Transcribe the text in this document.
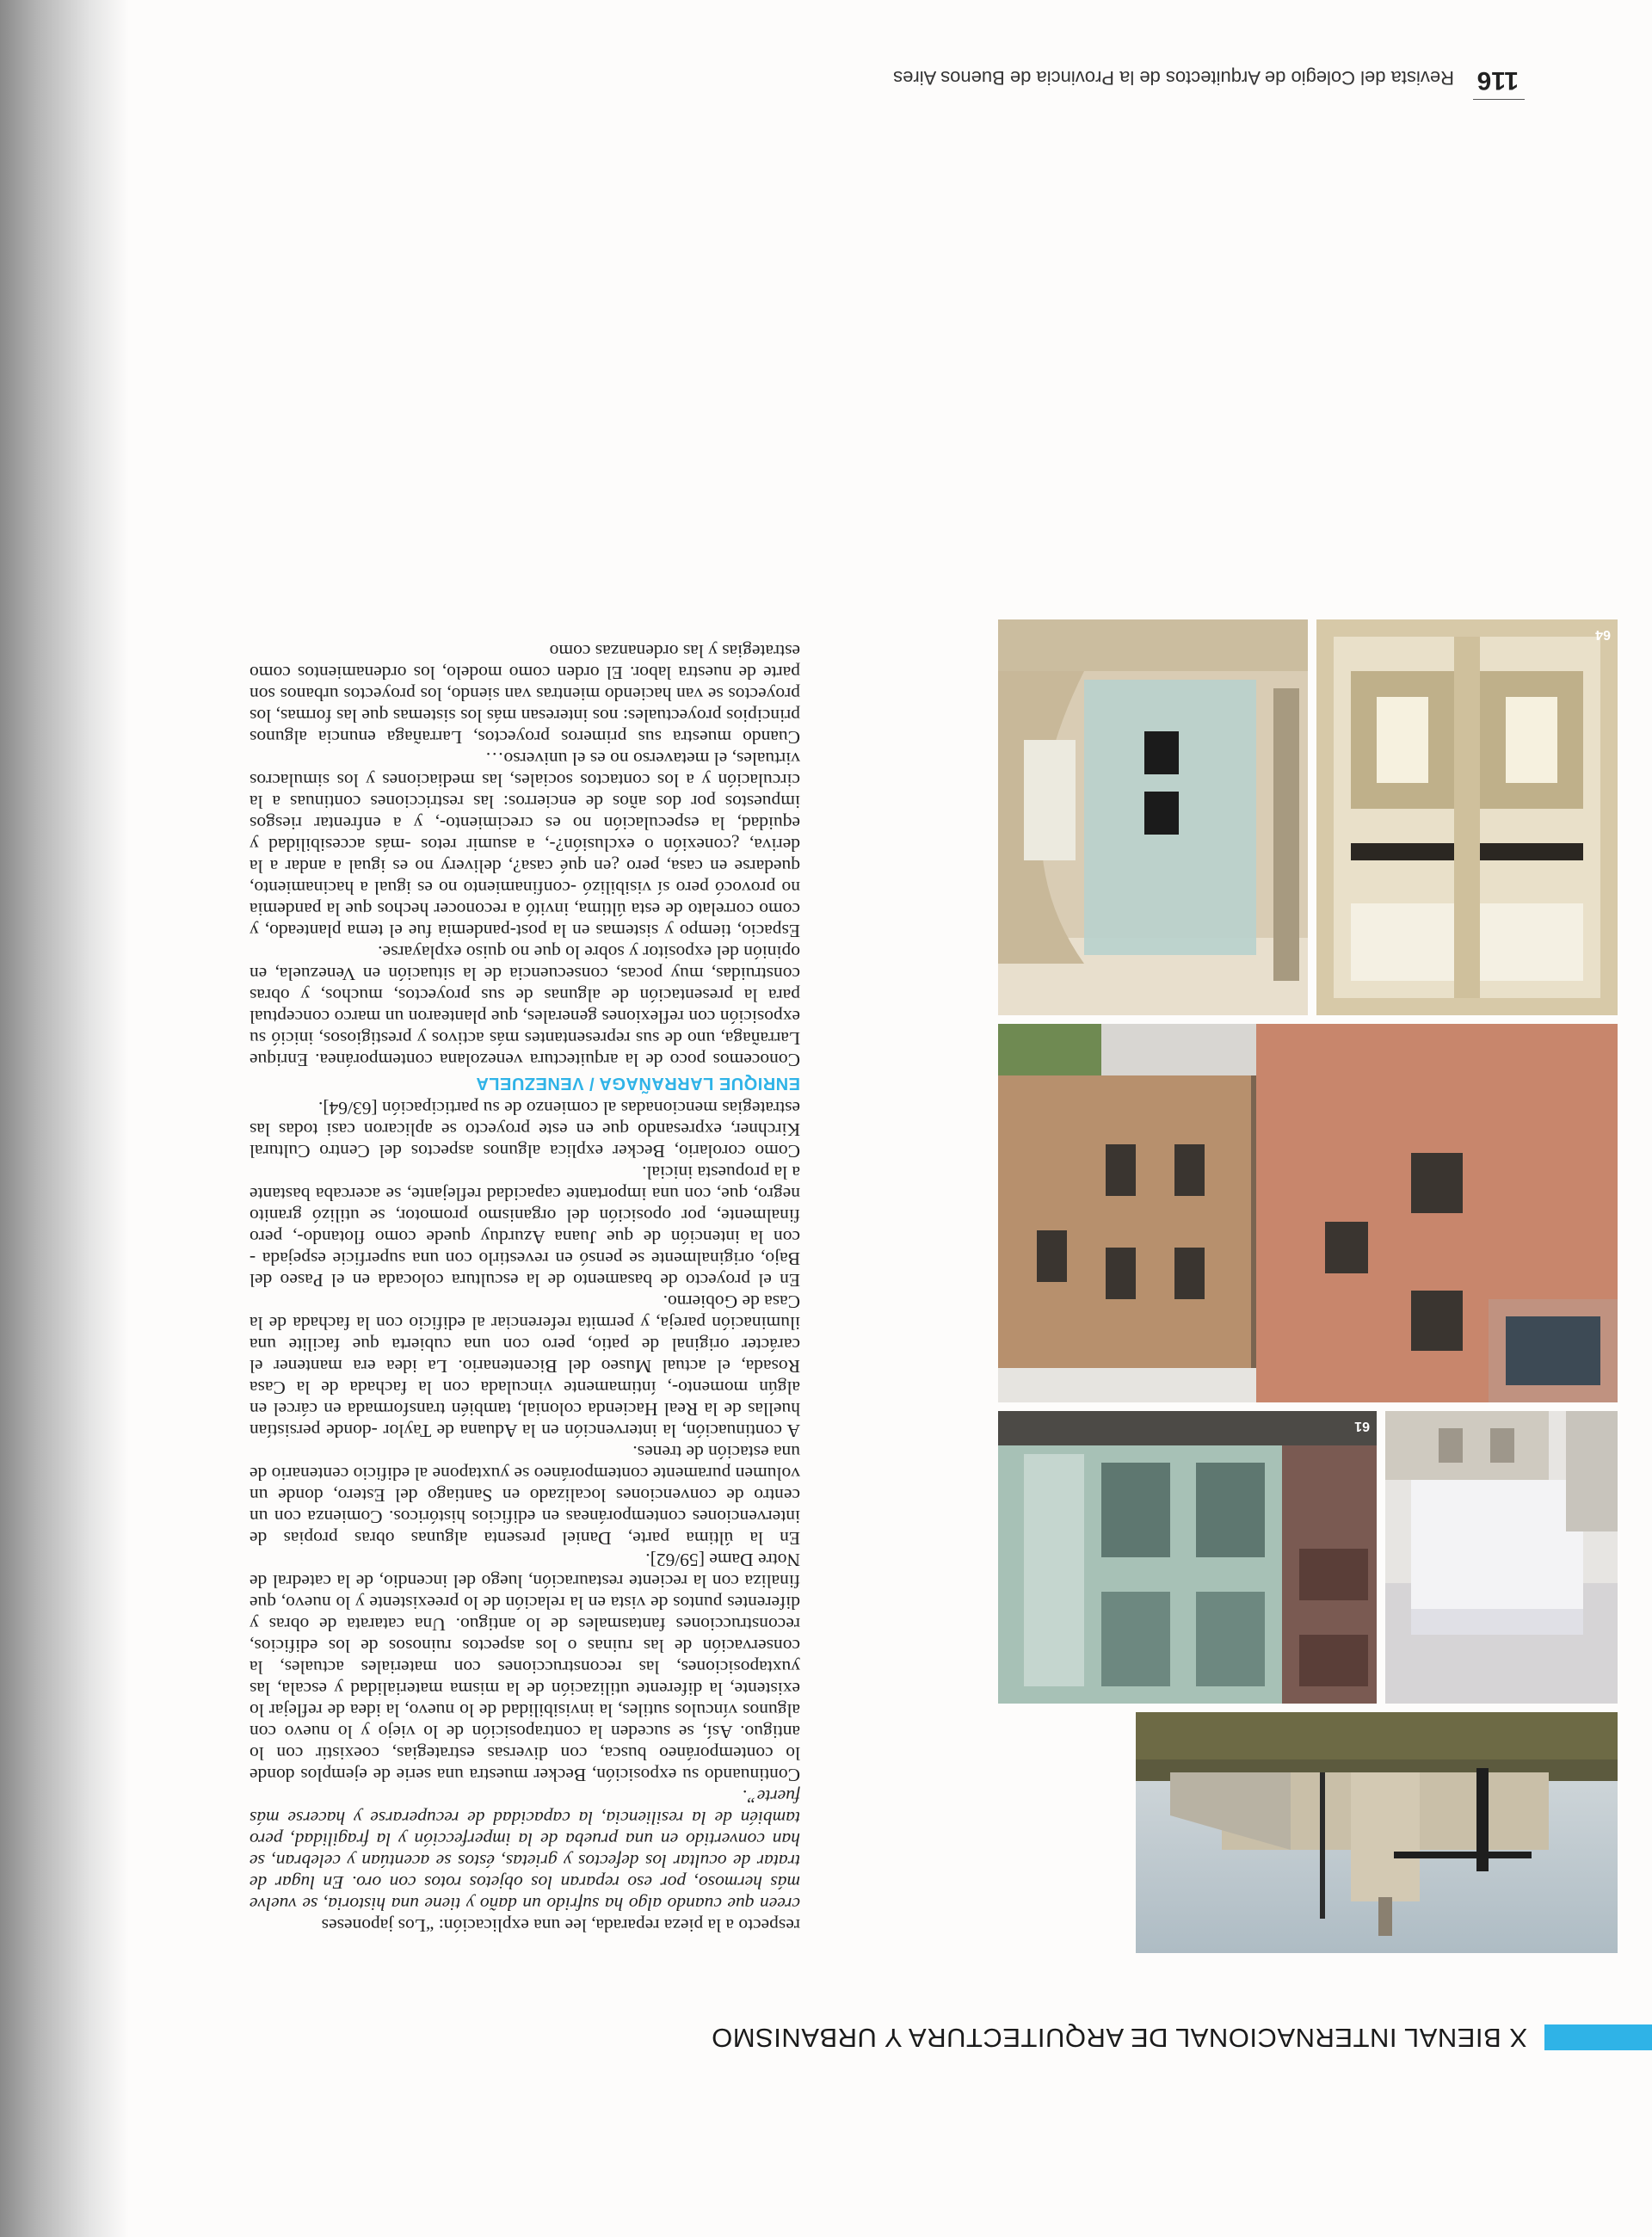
X BIENAL INTERNACIONAL DE ARQUITECTURA Y URBANISMO
61
64

respecto a la pieza reparada, lee una explicación: “Los japoneses

creen que cuando algo ha sufrido un daño y tiene una historia, se vuelve más hermoso, por eso reparan los objetos rotos con oro. En lugar de tratar de ocultar los defectos y grietas, éstos se acentúan y celebran, se han convertido en una prueba de la imperfección y la fragilidad, pero también de la resiliencia, la capacidad de recuperarse y hacerse más fuerte”.

Continuando su exposición, Becker muestra una serie de ejemplos donde lo contemporáneo busca, con diversas estrategias, coexistir con lo antiguo. Así, se suceden la contraposición de lo viejo y lo nuevo con algunos vínculos sutiles, la invisibilidad de lo nuevo, la idea de reflejar lo existente, la diferente utilización de la misma materialidad y escala, las yuxtaposiciones, las reconstrucciones con materiales actuales, la conservación de las ruinas o los aspectos ruinosos de los edificios, reconstrucciones fantasmales de lo antiguo. Una catarata de obras y diferentes puntos de vista en la relación de lo preexistente y lo nuevo, que finaliza con la reciente restauración, luego del incendio, de la catedral de Notre Dame [59/62].

En la última parte, Daniel presenta algunas obras propias de intervenciones contemporáneas en edificios históricos. Comienza con un centro de convenciones localizado en Santiago del Estero, donde un volumen puramente contemporáneo se yuxtapone al edificio centenario de una estación de trenes.

A continuación, la intervención en la Aduana de Taylor -donde persistían huellas de la Real Hacienda colonial, también transformada en cárcel en algún momento-, íntimamente vinculada con la fachada de la Casa Rosada, el actual Museo del Bicentenario. La idea era mantener el carácter original de patio, pero con una cubierta que facilite una iluminación pareja, y permita referenciar al edificio con la fachada de la Casa de Gobierno.

En el proyecto de basamento de la escultura colocada en el Paseo del Bajo, originalmente se pensó en revestirlo con una superficie espejada -con la intención de que Juana Azurduy quede como flotando-, pero finalmente, por oposición del organismo promotor, se utilizó granito negro, que, con una importante capacidad reflejante, se acercaba bastante a la propuesta inicial.

Como corolario, Becker explica algunos aspectos del Centro Cultural Kirchner, expresando que en este proyecto se aplicaron casi todas las estrategias mencionadas al comienzo de su participación [63/64].

ENRIQUE LARRAÑAGA / VENEZUELA

Conocemos poco de la arquitectura venezolana contemporánea. Enrique Larrañaga, uno de sus representantes más activos y prestigiosos, inició su exposición con reflexiones generales, que plantearon un marco conceptual para la presentación de algunas de sus proyectos, muchos, y obras construidas, muy pocas, consecuencia de la situación en Venezuela, en opinión del expositor y sobre lo que no quiso explayarse.

Espacio, tiempo y sistemas en la post-pandemia fue el tema planteado, y como correlato de esta última, invitó a reconocer hechos que la pandemia no provocó pero sí visibilizó -confinamiento no es igual a hacinamiento, quedarse en casa, pero ¿en qué casa?, delivery no es igual a andar a la deriva, ¿conexión o exclusión?-, a asumir retos -más accesibilidad y equidad, la especulación no es crecimiento-, y a enfrentar riesgos impuestos por dos años de encierros: las restricciones continuas a la circulación y a los contactos sociales, las mediaciones y los simulacros virtuales, el metaverso no es el universo…

Cuando muestra sus primeros proyectos, Larrañaga enuncia algunos principios proyectuales: nos interesan más los sistemas que las formas, los proyectos se van haciendo mientras van siendo, los proyectos urbanos son parte de nuestra labor. El orden como modelo, los ordenamientos como estrategias y las ordenanzas como

116
Revista del Colegio de Arquitectos de la Provincia de Buenos Aires
